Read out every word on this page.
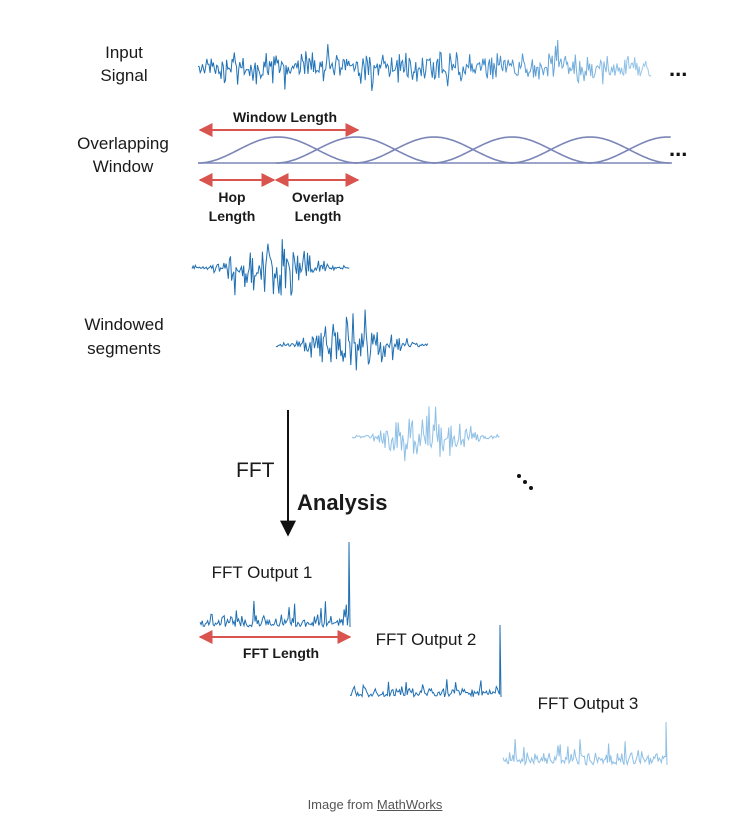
Input
Signal	...
Overlapping
Window
Window Length
...
Hop
Length
Overlap
Length
Windowed
segments
FFT
Analysis
FFT Output 1
FFT Length
FFT Output 2
FFT Output 3
Image from MathWorks
